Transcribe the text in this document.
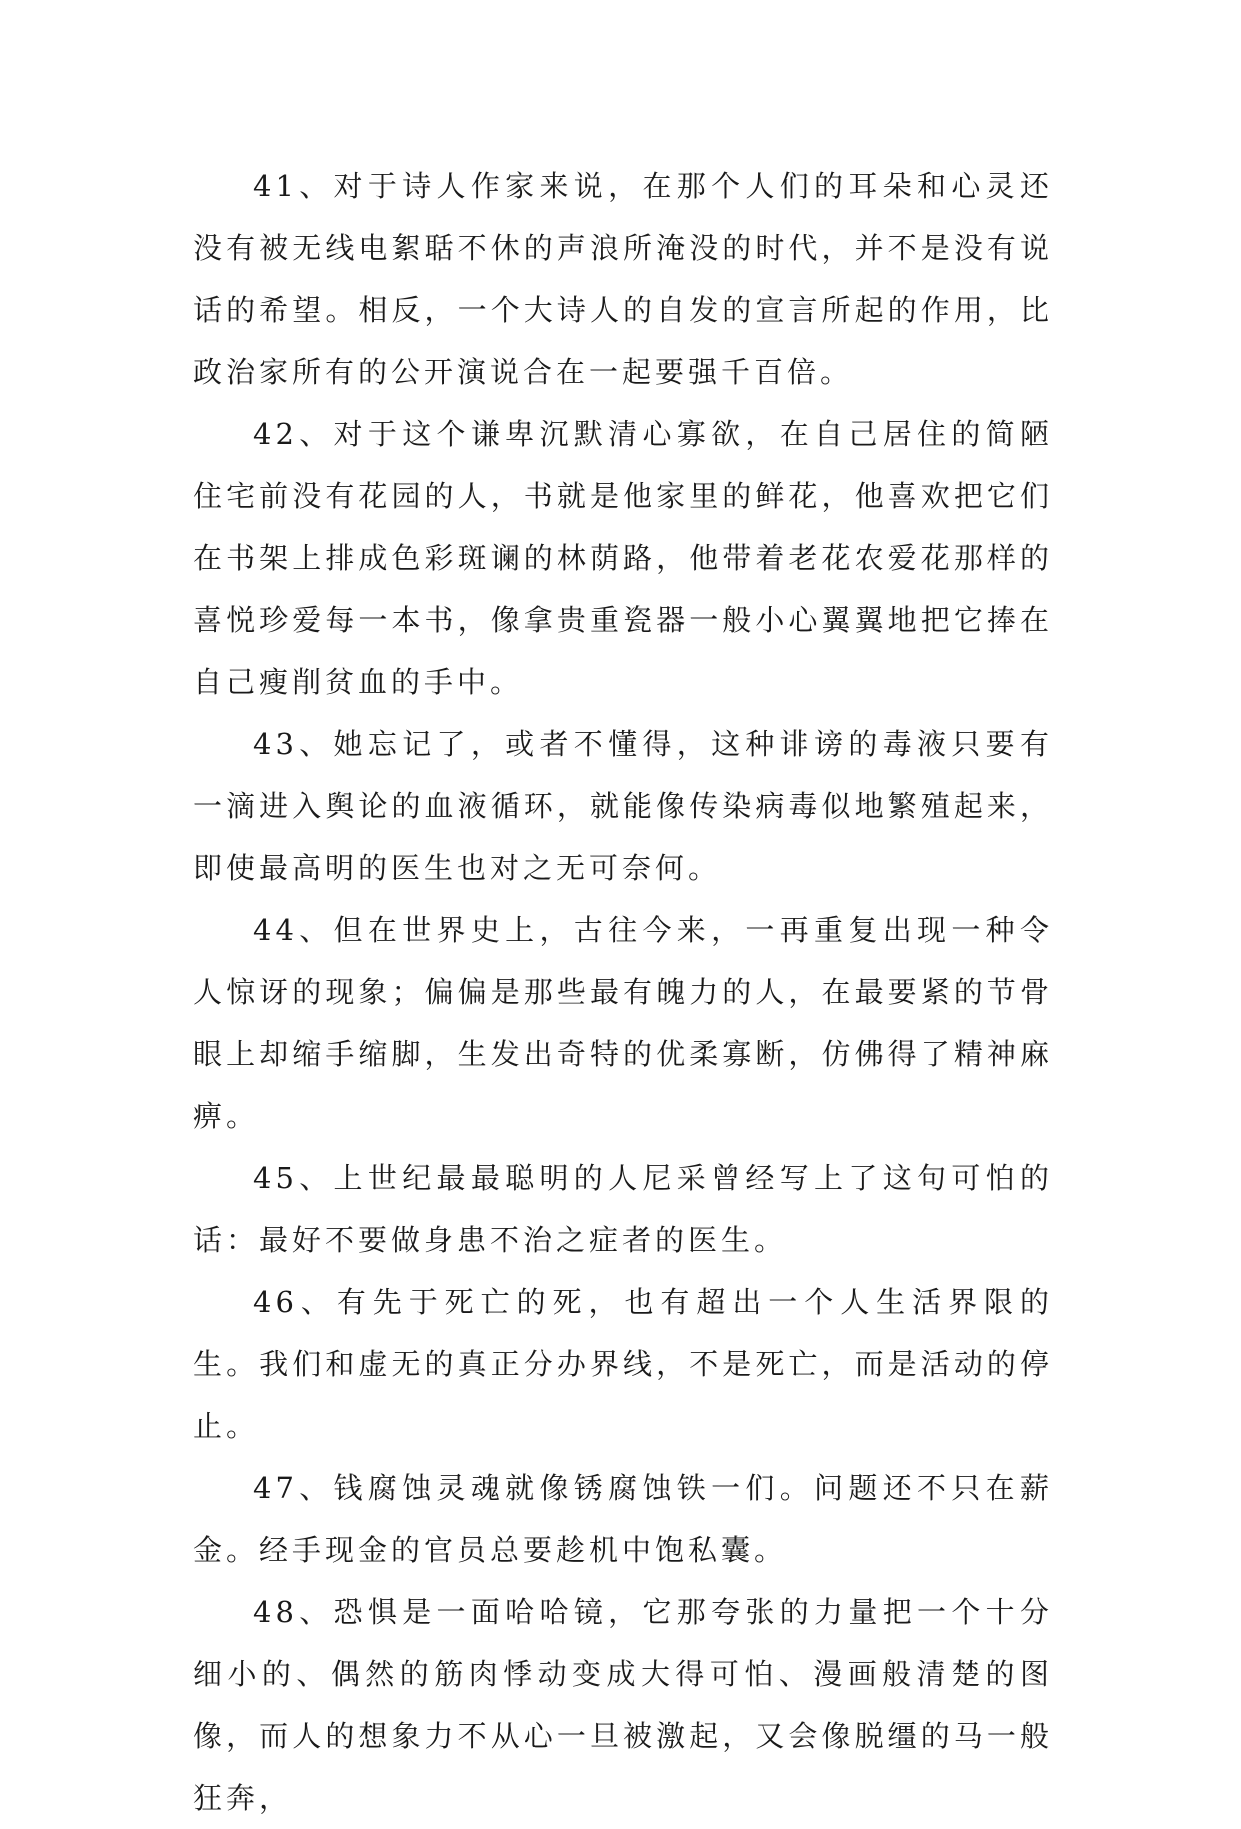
41、对于诗人作家来说，在那个人们的耳朵和心灵还没有被无线电絮聒不休的声浪所淹没的时代，并不是没有说话的希望。相反，一个大诗人的自发的宣言所起的作用，比政治家所有的公开演说合在一起要强千百倍。

42、对于这个谦卑沉默清心寡欲，在自己居住的简陋住宅前没有花园的人，书就是他家里的鲜花，他喜欢把它们在书架上排成色彩斑谰的林荫路，他带着老花农爱花那样的喜悦珍爱每一本书，像拿贵重瓷器一般小心翼翼地把它捧在自己瘦削贫血的手中。

43、她忘记了，或者不懂得，这种诽谤的毒液只要有一滴进入舆论的血液循环，就能像传染病毒似地繁殖起来，即使最高明的医生也对之无可奈何。

44、但在世界史上，古往今来，一再重复出现一种令人惊讶的现象；偏偏是那些最有魄力的人，在最要紧的节骨眼上却缩手缩脚，生发出奇特的优柔寡断，仿佛得了精神麻痹。

45、上世纪最最聪明的人尼采曾经写上了这句可怕的话：最好不要做身患不治之症者的医生。

46、有先于死亡的死，也有超出一个人生活界限的生。我们和虚无的真正分办界线，不是死亡，而是活动的停止。

47、钱腐蚀灵魂就像锈腐蚀铁一们。问题还不只在薪金。经手现金的官员总要趁机中饱私囊。

48、恐惧是一面哈哈镜，它那夸张的力量把一个十分细小的、偶然的筋肉悸动变成大得可怕、漫画般清楚的图像，而人的想象力不从心一旦被激起，又会像脱缰的马一般狂奔，
